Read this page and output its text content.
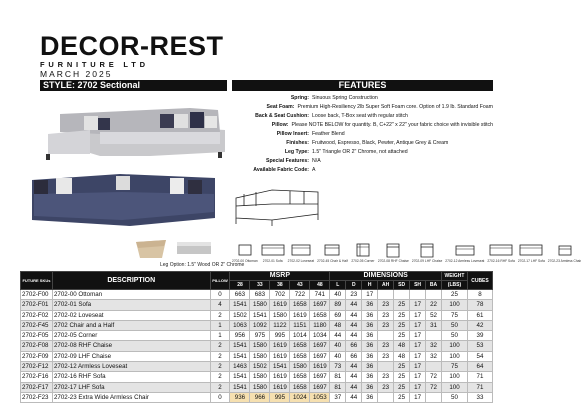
DECOR-REST
FURNITURE LTD
MARCH 2025
STYLE: 2702 Sectional	FEATURES
Leg Option: 1.5" Wood OR 2" Chrome
Spring: Sinuous Spring Construction
Seat Foam: Premium High-Resiliency 2lb Super Soft Foam core. Option of 1.9 lb. Standard Foam
Back & Seat Cushion: Loose back, T-Box seat with regular stitch
Pillow: Please NOTE BELOW for quantity. B, C+22" x 22" your fabric choice with invisible stitch
Pillow Insert: Feather Blend
Finishes: Fruitwood, Espresso, Black, Pewter, Antique Grey & Cream
Leg Type: 1.5" Triangle OR 2" Chrome, not attached
Special Features: N/A
Available Fabric Code: A
2702-00 Ottoman 2702-01 Sofa 2702-02 Loveseat 2702-45 Chair & Half 2702-05 Corner 2702-08 RHF Chaise 2702-09 LHF Chaise 2702-12 Armless Loveseat 2702-16 RHF Sofa 2702-17 LHF Sofa 2702-23 Armless Chair
FUTURE SKUs	DESCRIPTION	PILLOW	MSRP					DIMENSIONS							WEIGHT	CUBES
			28	33	38	43	48	L	D	H	AH	SD	SH	BA	(LBS)	
2702-F00	2702-00 Ottoman	0	663	683	702	722	741	40	23	17					25	8
2702-F01	2702-01 Sofa	4	1541	1580	1619	1658	1697	89	44	36	23	25	17	22	100	78
2702-F02	2702-02 Loveseat	2	1502	1541	1580	1619	1658	69	44	36	23	25	17	52	75	61
2702-F45	2702 Chair and a Half	1	1063	1092	1122	1151	1180	48	44	36	23	25	17	31	50	42
2702-F05	2702-05 Corner	1	956	975	995	1014	1034	44	44	36		25	17		50	39
2702-F08	2702-08 RHF Chaise	2	1541	1580	1619	1658	1697	40	66	36	23	48	17	32	100	53
2702-F09	2702-09 LHF Chaise	2	1541	1580	1619	1658	1697	40	66	36	23	48	17	32	100	54
2702-F12	2702-12 Armless Loveseat	2	1463	1502	1541	1580	1619	73	44	36		25	17		75	64
2702-F16	2702-16 RHF Sofa	2	1541	1580	1619	1658	1697	81	44	36	23	25	17	72	100	71
2702-F17	2702-17 LHF Sofa	2	1541	1580	1619	1658	1697	81	44	36	23	25	17	72	100	71
2702-F23	2702-23 Extra Wide Armless Chair	0	936	966	995	1024	1053	37	44	36		25	17		50	33
